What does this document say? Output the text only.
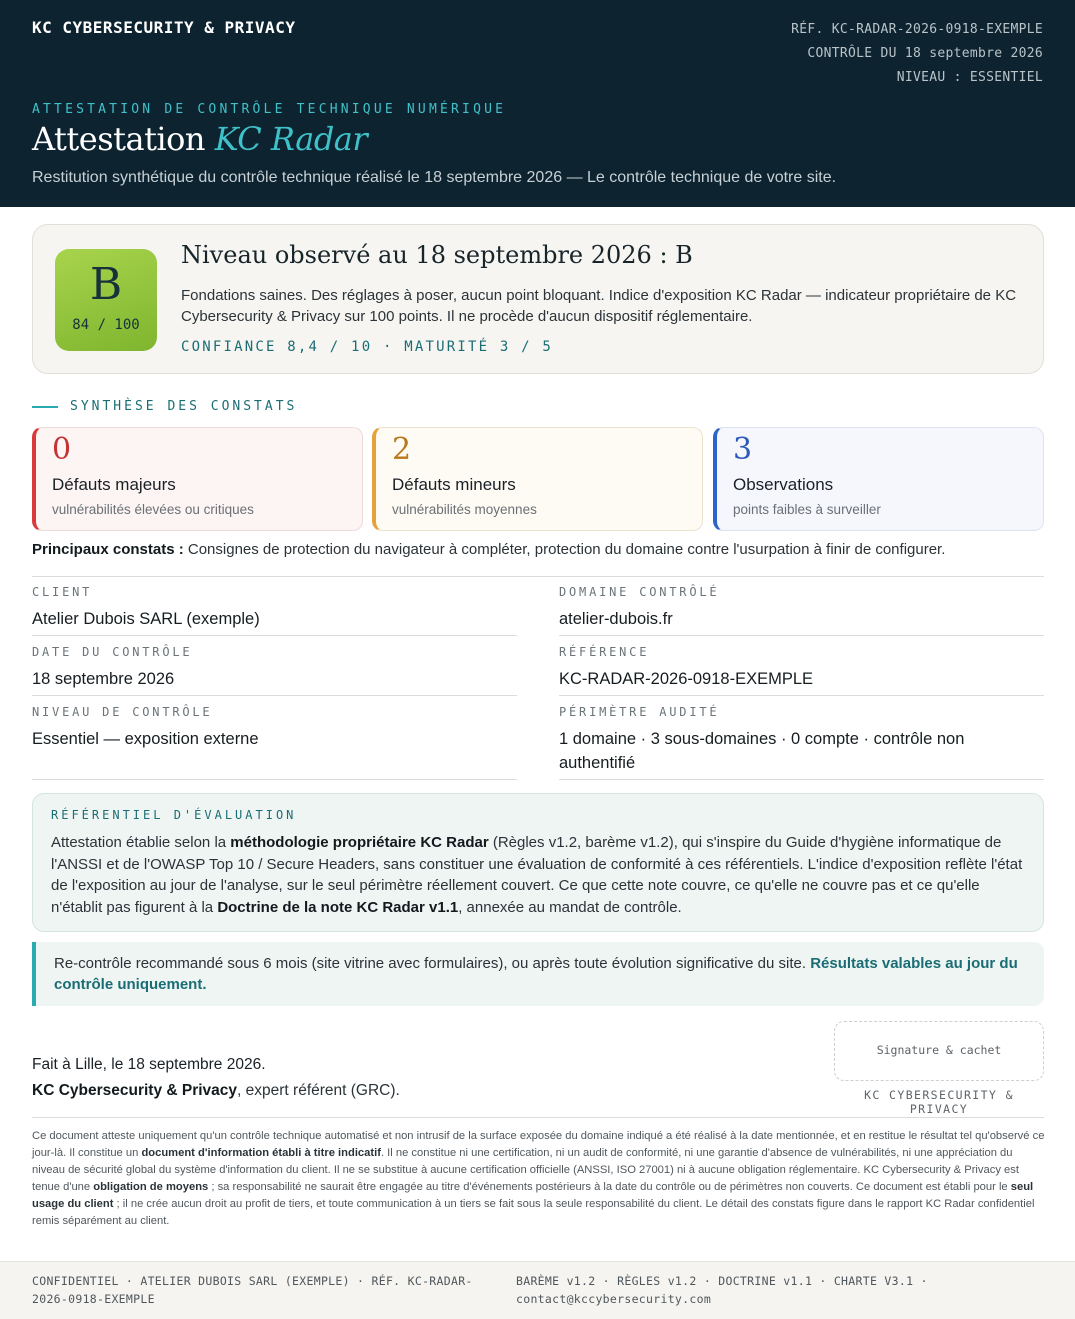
KC CYBERSECURITY & PRIVACY	RÉF. KC-RADAR-2026-0918-EXEMPLE
CONTRÔLE DU 18 septembre 2026
NIVEAU : ESSENTIEL
ATTESTATION DE CONTRÔLE TECHNIQUE NUMÉRIQUE
Attestation KC Radar
Restitution synthétique du contrôle technique réalisé le 18 septembre 2026 — Le contrôle technique de votre site.
B
84 / 100
Niveau observé au 18 septembre 2026 : B
Fondations saines. Des réglages à poser, aucun point bloquant. Indice d'exposition KC Radar — indicateur propriétaire de KC Cybersecurity & Privacy sur 100 points. Il ne procède d'aucun dispositif réglementaire.
CONFIANCE 8,4 / 10 · MATURITÉ 3 / 5
SYNTHÈSE DES CONSTATS
0
Défauts majeurs
vulnérabilités élevées ou critiques
2
Défauts mineurs
vulnérabilités moyennes
3
Observations
points faibles à surveiller
Principaux constats : Consignes de protection du navigateur à compléter, protection du domaine contre l'usurpation à finir de configurer.
CLIENT
Atelier Dubois SARL (exemple)
DOMAINE CONTRÔLÉ
atelier-dubois.fr
DATE DU CONTRÔLE
18 septembre 2026
RÉFÉRENCE
KC-RADAR-2026-0918-EXEMPLE
NIVEAU DE CONTRÔLE
Essentiel — exposition externe
PÉRIMÈTRE AUDITÉ
1 domaine · 3 sous-domaines · 0 compte · contrôle non authentifié
RÉFÉRENTIEL D'ÉVALUATION
Attestation établie selon la méthodologie propriétaire KC Radar (Règles v1.2, barème v1.2), qui s'inspire du Guide d'hygiène informatique de l'ANSSI et de l'OWASP Top 10 / Secure Headers, sans constituer une évaluation de conformité à ces référentiels. L'indice d'exposition reflète l'état de l'exposition au jour de l'analyse, sur le seul périmètre réellement couvert. Ce que cette note couvre, ce qu'elle ne couvre pas et ce qu'elle n'établit pas figurent à la Doctrine de la note KC Radar v1.1, annexée au mandat de contrôle.
Re-contrôle recommandé sous 6 mois (site vitrine avec formulaires), ou après toute évolution significative du site. Résultats valables au jour du contrôle uniquement.
Fait à Lille, le 18 septembre 2026.
KC Cybersecurity & Privacy, expert référent (GRC).
Signature & cachet
KC CYBERSECURITY & PRIVACY
Ce document atteste uniquement qu'un contrôle technique automatisé et non intrusif de la surface exposée du domaine indiqué a été réalisé à la date mentionnée, et en restitue le résultat tel qu'observé ce jour-là. Il constitue un document d'information établi à titre indicatif. Il ne constitue ni une certification, ni un audit de conformité, ni une garantie d'absence de vulnérabilités, ni une appréciation du niveau de sécurité global du système d'information du client. Il ne se substitue à aucune certification officielle (ANSSI, ISO 27001) ni à aucune obligation réglementaire. KC Cybersecurity & Privacy est tenue d'une obligation de moyens ; sa responsabilité ne saurait être engagée au titre d'événements postérieurs à la date du contrôle ou de périmètres non couverts. Ce document est établi pour le seul usage du client ; il ne crée aucun droit au profit de tiers, et toute communication à un tiers se fait sous la seule responsabilité du client. Le détail des constats figure dans le rapport KC Radar confidentiel remis séparément au client.
CONFIDENTIEL · ATELIER DUBOIS SARL (EXEMPLE) · RÉF. KC-RADAR-2026-0918-EXEMPLE
BARÈME v1.2 · RÈGLES v1.2 · DOCTRINE v1.1 · CHARTE V3.1 · contact@kccybersecurity.com
